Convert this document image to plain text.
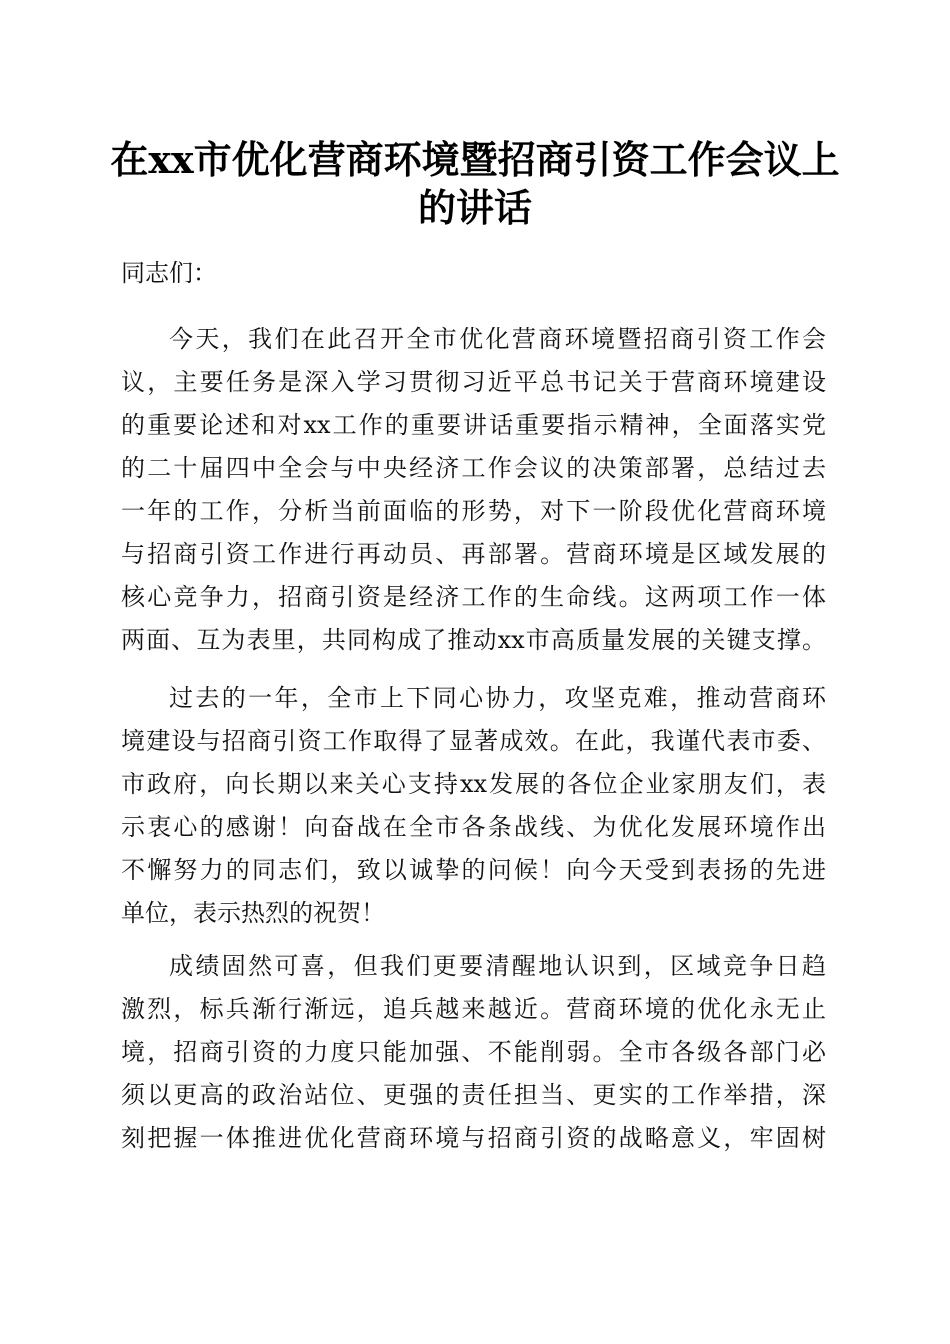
在xx市优化营商环境暨招商引资工作会议上
的讲话

同志们：

今天，我们在此召开全市优化营商环境暨招商引资工作会
议，主要任务是深入学习贯彻习近平总书记关于营商环境建设
的重要论述和对xx工作的重要讲话重要指示精神，全面落实党
的二十届四中全会与中央经济工作会议的决策部署，总结过去
一年的工作，分析当前面临的形势，对下一阶段优化营商环境
与招商引资工作进行再动员、再部署。营商环境是区域发展的
核心竞争力，招商引资是经济工作的生命线。这两项工作一体
两面、互为表里，共同构成了推动xx市高质量发展的关键支撑。
过去的一年，全市上下同心协力，攻坚克难，推动营商环
境建设与招商引资工作取得了显著成效。在此，我谨代表市委、
市政府，向长期以来关心支持xx发展的各位企业家朋友们，表
示衷心的感谢！向奋战在全市各条战线、为优化发展环境作出
不懈努力的同志们，致以诚挚的问候！向今天受到表扬的先进
单位，表示热烈的祝贺！
成绩固然可喜，但我们更要清醒地认识到，区域竞争日趋
激烈，标兵渐行渐远，追兵越来越近。营商环境的优化永无止
境，招商引资的力度只能加强、不能削弱。全市各级各部门必
须以更高的政治站位、更强的责任担当、更实的工作举措，深
刻把握一体推进优化营商环境与招商引资的战略意义，牢固树
